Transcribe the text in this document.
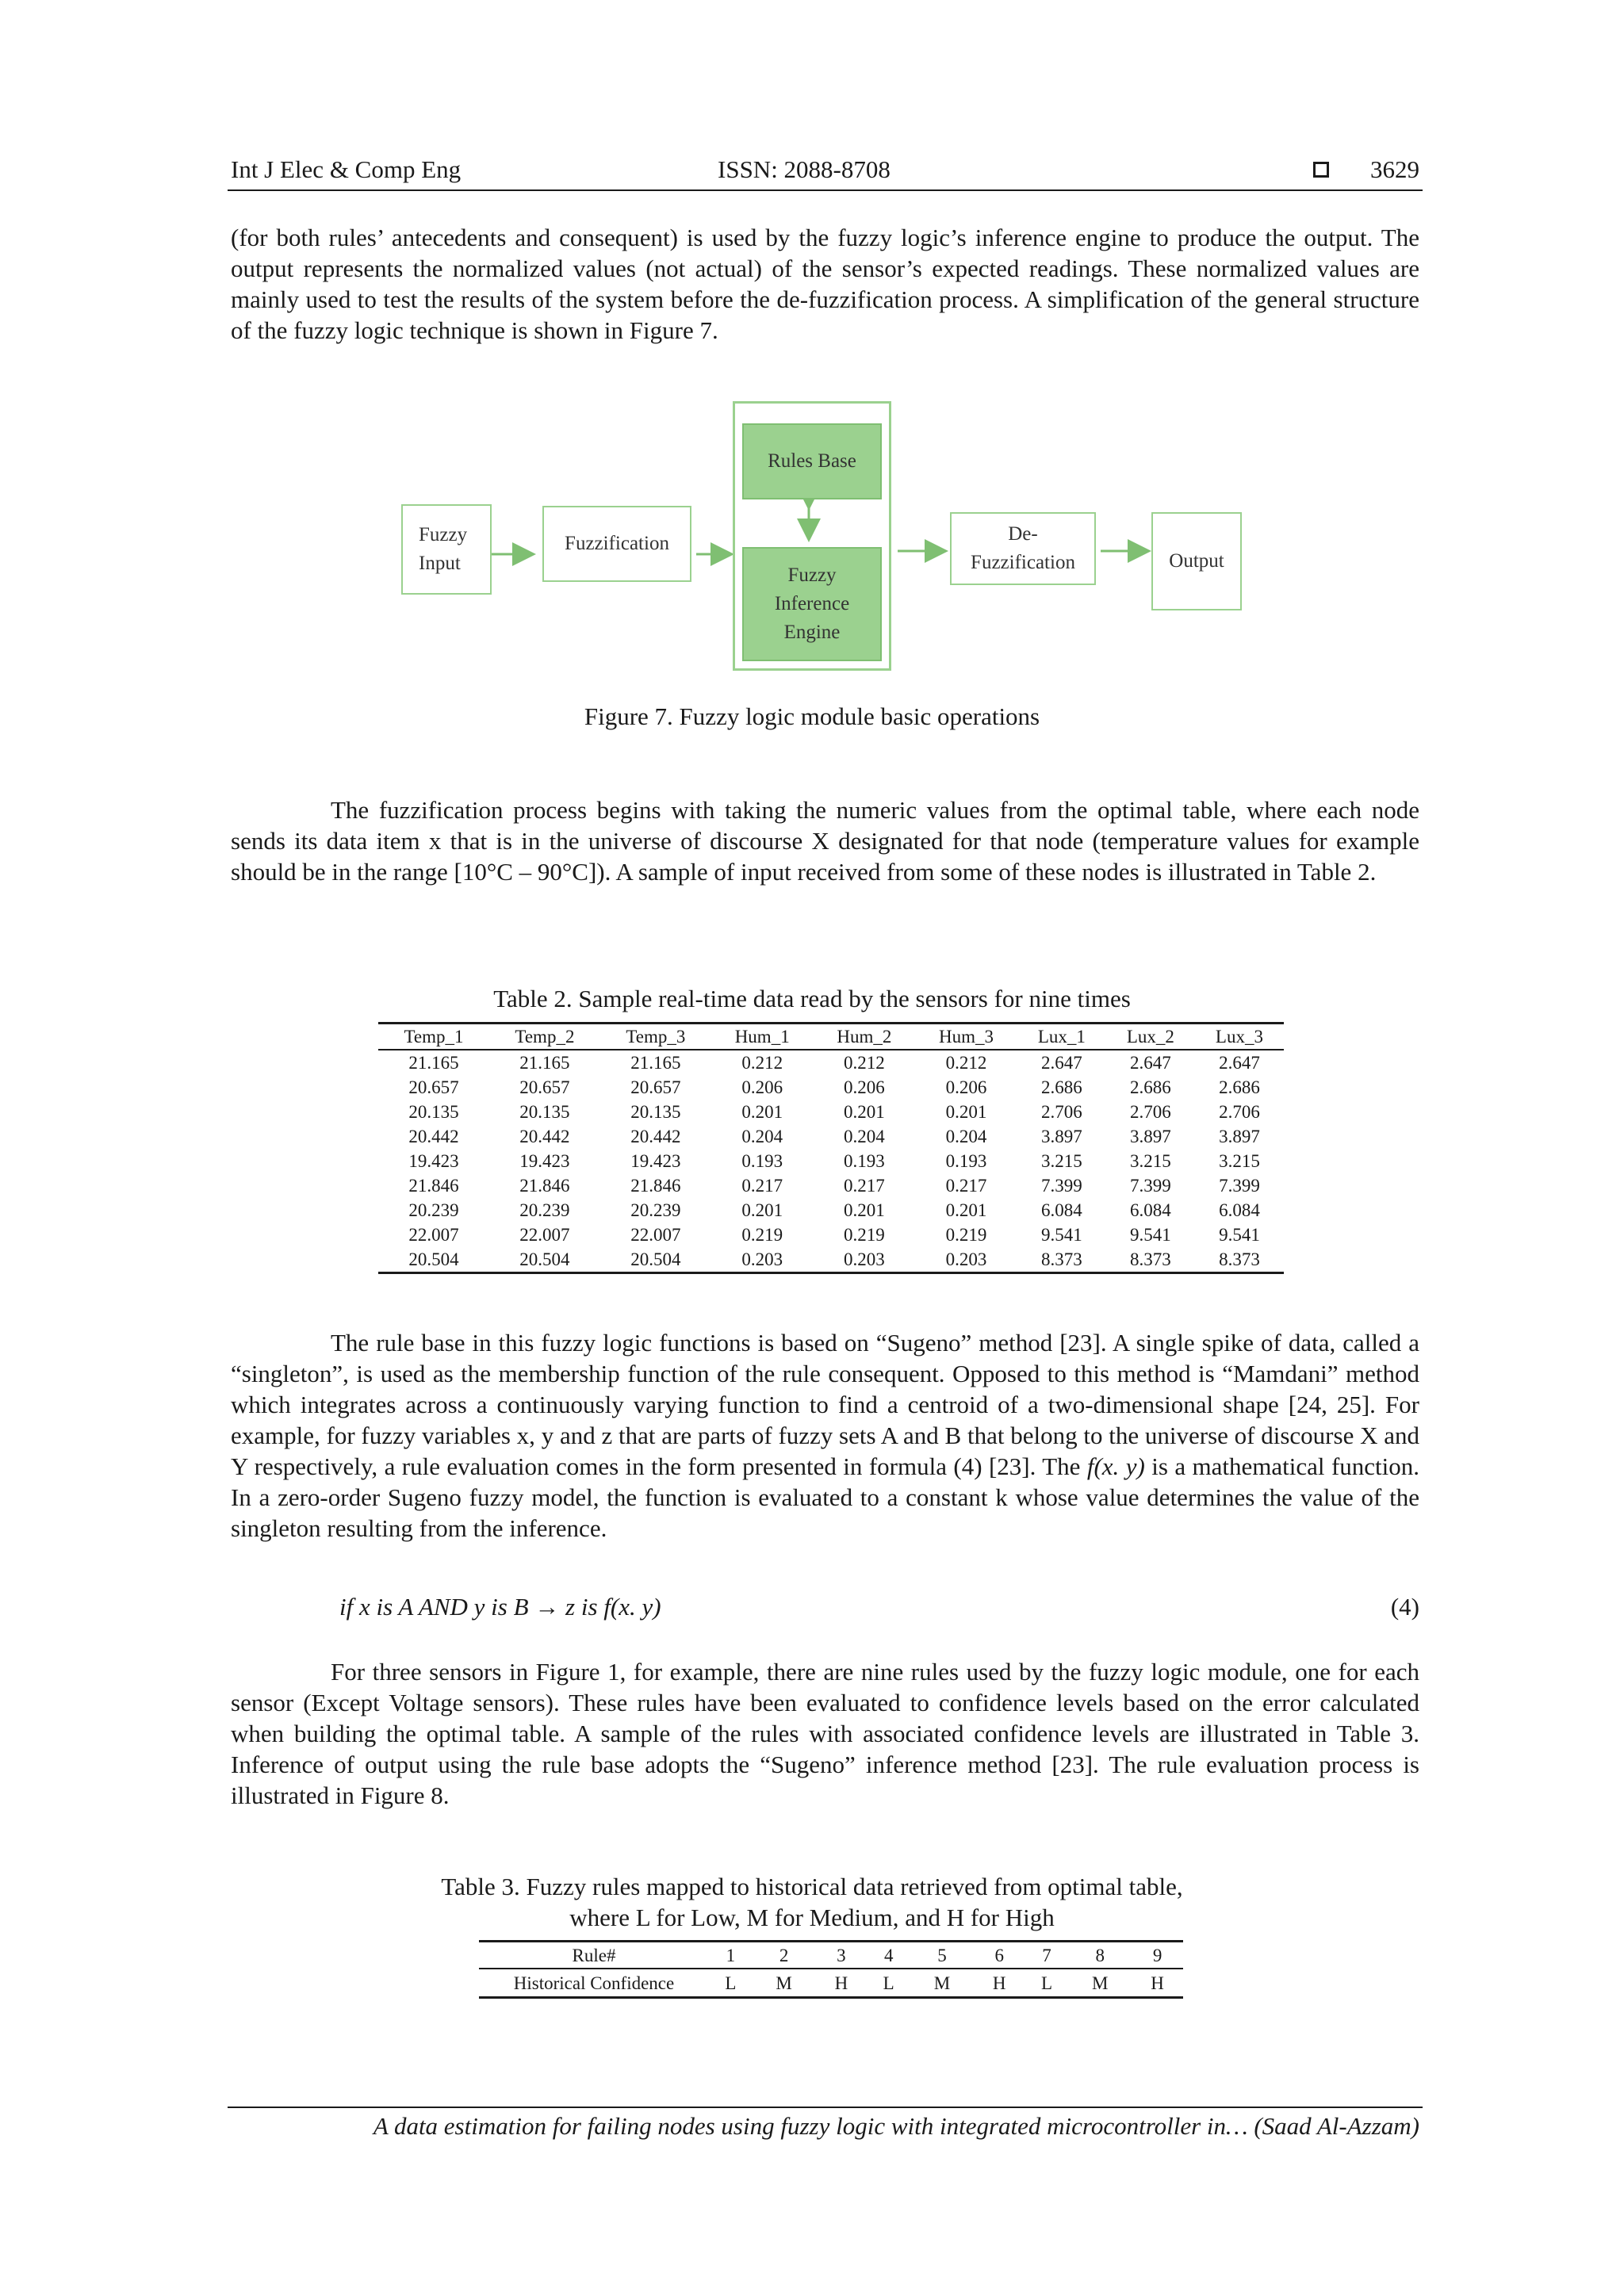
Int J Elec & Comp Eng	ISSN: 2088-8708	3629

(for both rules’ antecedents and consequent) is used by the fuzzy logic’s inference engine to produce the output. The output represents the normalized values (not actual) of the sensor’s expected readings. These normalized values are mainly used to test the results of the system before the de-fuzzification process. A simplification of the general structure of the fuzzy logic technique is shown in Figure 7.

Fuzzy Input
Fuzzification
Rules Base
Fuzzy Inference Engine
De-Fuzzification	Output

Figure 7. Fuzzy logic module basic operations

The fuzzification process begins with taking the numeric values from the optimal table, where each node sends its data item x that is in the universe of discourse X designated for that node (temperature values for example should be in the range [10°C – 90°C]). A sample of input received from some of these nodes is illustrated in Table 2.

Table 2. Sample real-time data read by the sensors for nine times

Temp_1	Temp_2	Temp_3	Hum_1	Hum_2	Hum_3	Lux_1	Lux_2	Lux_3
21.165	21.165	21.165	0.212	0.212	0.212	2.647	2.647	2.647
20.657	20.657	20.657	0.206	0.206	0.206	2.686	2.686	2.686
20.135	20.135	20.135	0.201	0.201	0.201	2.706	2.706	2.706
20.442	20.442	20.442	0.204	0.204	0.204	3.897	3.897	3.897
19.423	19.423	19.423	0.193	0.193	0.193	3.215	3.215	3.215
21.846	21.846	21.846	0.217	0.217	0.217	7.399	7.399	7.399
20.239	20.239	20.239	0.201	0.201	0.201	6.084	6.084	6.084
22.007	22.007	22.007	0.219	0.219	0.219	9.541	9.541	9.541
20.504	20.504	20.504	0.203	0.203	0.203	8.373	8.373	8.373

The rule base in this fuzzy logic functions is based on “Sugeno” method [23]. A single spike of data, called a “singleton”, is used as the membership function of the rule consequent. Opposed to this method is “Mamdani” method which integrates across a continuously varying function to find a centroid of a two-dimensional shape [24, 25]. For example, for fuzzy variables x, y and z that are parts of fuzzy sets A and B that belong to the universe of discourse X and Y respectively, a rule evaluation comes in the form presented in formula (4) [23]. The f(x. y) is a mathematical function. In a zero-order Sugeno fuzzy model, the function is evaluated to a constant k whose value determines the value of the singleton resulting from the inference.

if x is A AND y is B → z is f(x. y)	(4)

For three sensors in Figure 1, for example, there are nine rules used by the fuzzy logic module, one for each sensor (Except Voltage sensors). These rules have been evaluated to confidence levels based on the error calculated when building the optimal table. A sample of the rules with associated confidence levels are illustrated in Table 3. Inference of output using the rule base adopts the “Sugeno” inference method [23]. The rule evaluation process is illustrated in Figure 8.

Table 3. Fuzzy rules mapped to historical data retrieved from optimal table,

where L for Low, M for Medium, and H for High

Rule#	1	2	3	4	5	6	7	8	9
Historical Confidence	L	M	H	L	M	H	L	M	H
A data estimation for failing nodes using fuzzy logic with integrated microcontroller in… (Saad Al-Azzam)
